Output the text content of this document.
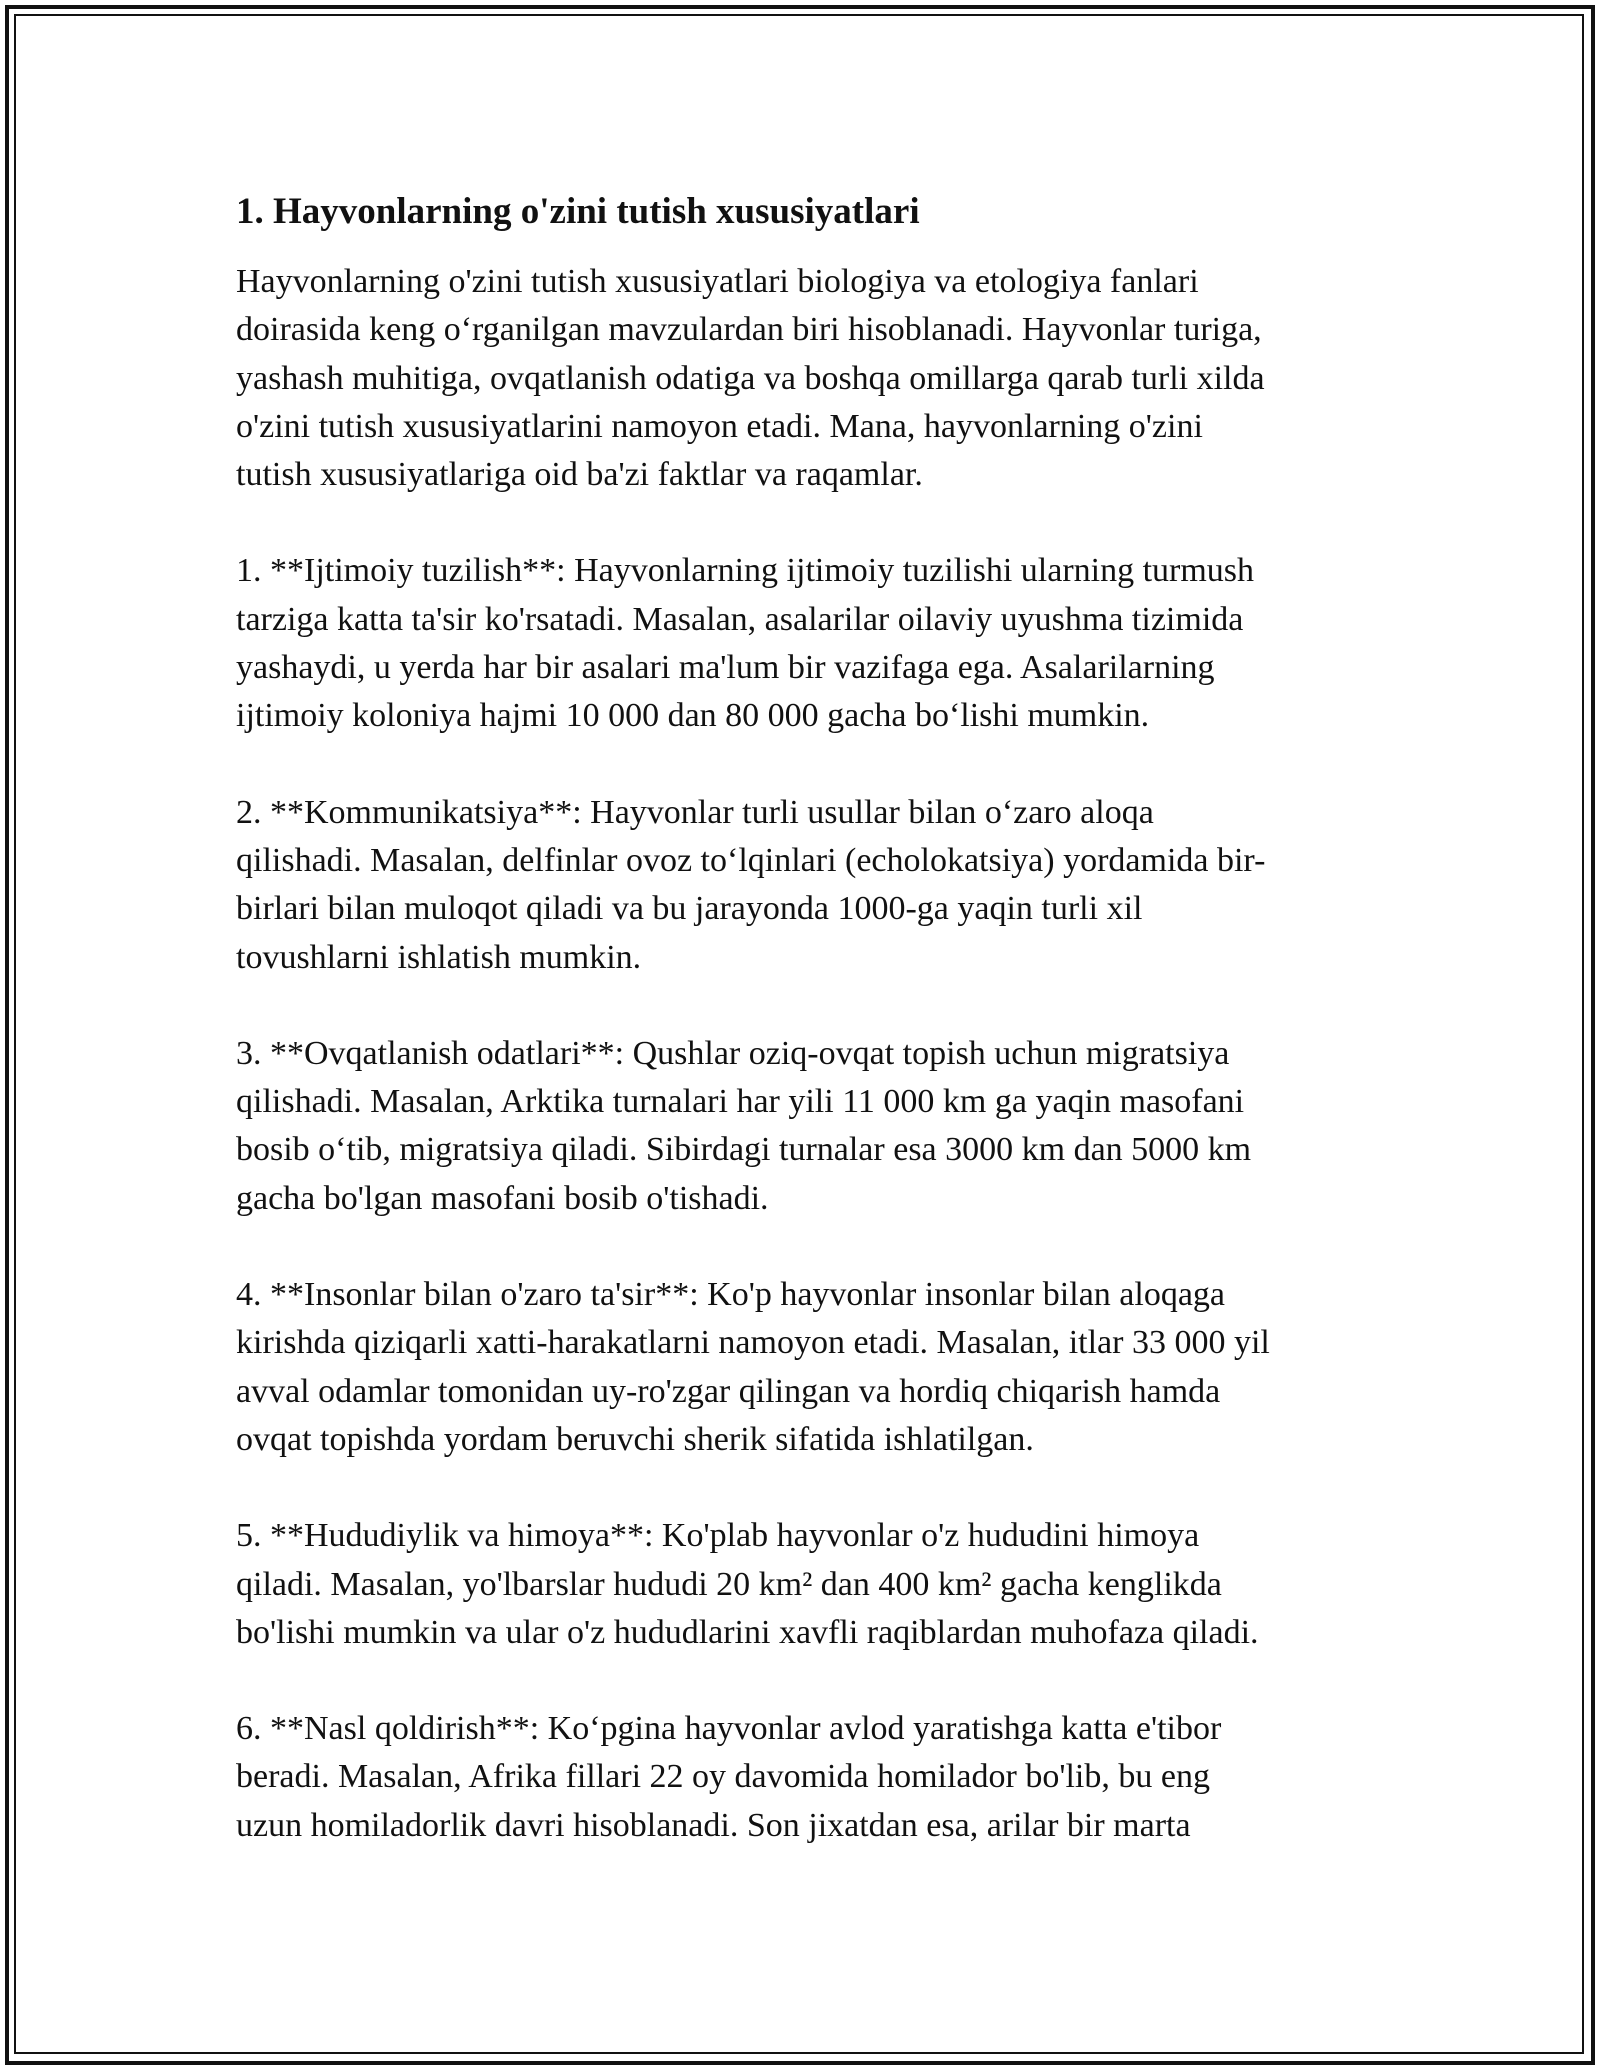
1. Hayvonlarning o'zini tutish xususiyatlari

Hayvonlarning o'zini tutish xususiyatlari biologiya va etologiya fanlari
doirasida keng o‘rganilgan mavzulardan biri hisoblanadi. Hayvonlar turiga,
yashash muhitiga, ovqatlanish odatiga va boshqa omillarga qarab turli xilda
o'zini tutish xususiyatlarini namoyon etadi. Mana, hayvonlarning o'zini
tutish xususiyatlariga oid ba'zi faktlar va raqamlar.

1. **Ijtimoiy tuzilish**: Hayvonlarning ijtimoiy tuzilishi ularning turmush
tarziga katta ta'sir ko'rsatadi. Masalan, asalarilar oilaviy uyushma tizimida
yashaydi, u yerda har bir asalari ma'lum bir vazifaga ega. Asalarilarning
ijtimoiy koloniya hajmi 10 000 dan 80 000 gacha bo‘lishi mumkin.

2. **Kommunikatsiya**: Hayvonlar turli usullar bilan o‘zaro aloqa
qilishadi. Masalan, delfinlar ovoz to‘lqinlari (echolokatsiya) yordamida bir-
birlari bilan muloqot qiladi va bu jarayonda 1000-ga yaqin turli xil
tovushlarni ishlatish mumkin.

3. **Ovqatlanish odatlari**: Qushlar oziq-ovqat topish uchun migratsiya
qilishadi. Masalan, Arktika turnalari har yili 11 000 km ga yaqin masofani
bosib o‘tib, migratsiya qiladi. Sibirdagi turnalar esa 3000 km dan 5000 km
gacha bo'lgan masofani bosib o'tishadi.

4. **Insonlar bilan o'zaro ta'sir**: Ko'p hayvonlar insonlar bilan aloqaga
kirishda qiziqarli xatti-harakatlarni namoyon etadi. Masalan, itlar 33 000 yil
avval odamlar tomonidan uy-ro'zgar qilingan va hordiq chiqarish hamda
ovqat topishda yordam beruvchi sherik sifatida ishlatilgan.

5. **Hududiylik va himoya**: Ko'plab hayvonlar o'z hududini himoya
qiladi. Masalan, yo'lbarslar hududi 20 km² dan 400 km² gacha kenglikda
bo'lishi mumkin va ular o'z hududlarini xavfli raqiblardan muhofaza qiladi.

6. **Nasl qoldirish**: Ko‘pgina hayvonlar avlod yaratishga katta e'tibor
beradi. Masalan, Afrika fillari 22 oy davomida homilador bo'lib, bu eng
uzun homiladorlik davri hisoblanadi. Son jixatdan esa, arilar bir marta
